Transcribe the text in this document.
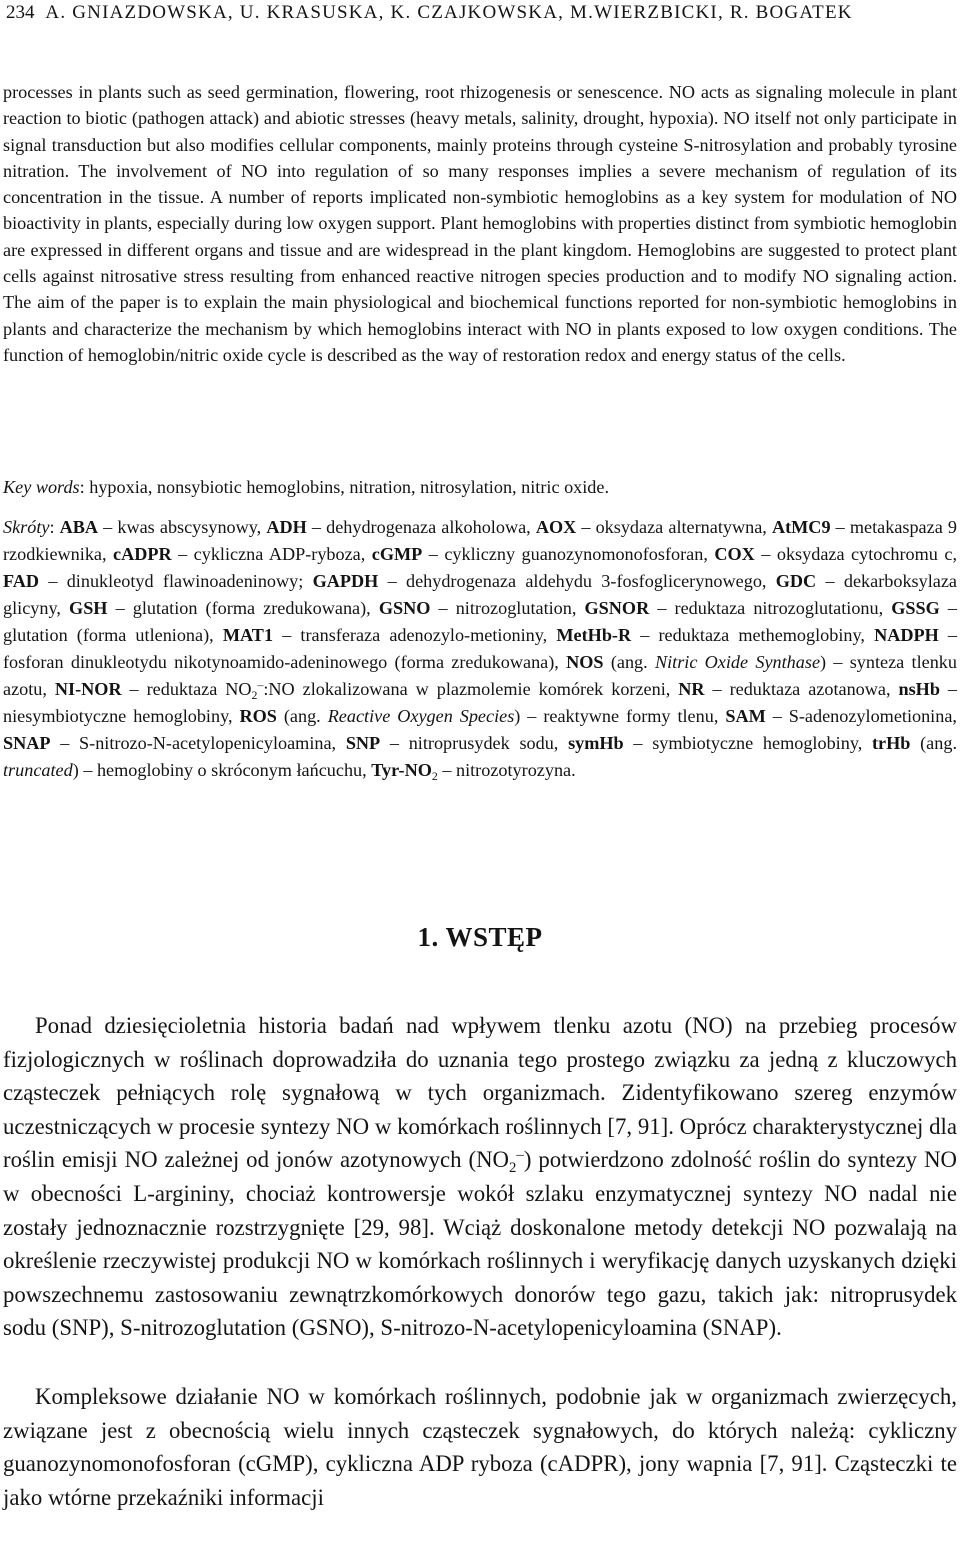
234 A. GNIAZDOWSKA, U. KRASUSKA, K. CZAJKOWSKA, M.WIERZBICKI, R. BOGATEK

processes in plants such as seed germination, flowering, root rhizogenesis or senescence. NO acts as signaling molecule in plant reaction to biotic (pathogen attack) and abiotic stresses (heavy metals, salinity, drought, hypoxia). NO itself not only participate in signal transduction but also modifies cellular components, mainly proteins through cysteine S-nitrosylation and probably tyrosine nitration. The involvement of NO into regulation of so many responses implies a severe mechanism of regulation of its concentration in the tissue. A number of reports implicated non-symbiotic hemoglobins as a key system for modulation of NO bioactivity in plants, especially during low oxygen support. Plant hemoglobins with properties distinct from symbiotic hemoglobin are expressed in different organs and tissue and are widespread in the plant kingdom. Hemoglobins are suggested to protect plant cells against nitrosative stress resulting from enhanced reactive nitrogen species production and to modify NO signaling action. The aim of the paper is to explain the main physiological and biochemical functions reported for non-symbiotic hemoglobins in plants and characterize the mechanism by which hemoglobins interact with NO in plants exposed to low oxygen conditions. The function of hemoglobin/nitric oxide cycle is described as the way of restoration redox and energy status of the cells.

Key words: hypoxia, nonsybiotic hemoglobins, nitration, nitrosylation, nitric oxide.

Skróty: ABA – kwas abscysynowy, ADH – dehydrogenaza alkoholowa, AOX – oksydaza alternatywna, AtMC9 – metakaspaza 9 rzodkiewnika, cADPR – cykliczna ADP-ryboza, cGMP – cykliczny guanozynomonofosforan, COX – oksydaza cytochromu c, FAD – dinukleotyd flawinoadeninowy; GAPDH – dehydrogenaza aldehydu 3-fosfoglicerynowego, GDC – dekarboksylaza glicyny, GSH – glutation (forma zredukowana), GSNO – nitrozoglutation, GSNOR – reduktaza nitrozoglutationu, GSSG – glutation (forma utleniona), MAT1 – transferaza adenozylo-metioniny, MetHb-R – reduktaza methemoglobiny, NADPH – fosforan dinukleotydu nikotynoamido-adeninowego (forma zredukowana), NOS (ang. Nitric Oxide Synthase) – synteza tlenku azotu, NI-NOR – reduktaza $NO_2^-:NO$ zlokalizowana w plazmolemie komórek korzeni, NR – reduktaza azotanowa, nsHb – niesymbiotyczne hemoglobiny, ROS (ang. Reactive Oxygen Species) – reaktywne formy tlenu, SAM – S-adenozylometionina, SNAP – S-nitrozo-N-acetylopenicyloamina, SNP – nitroprusydek sodu, symHb – symbiotyczne hemoglobiny, trHb (ang. truncated) – hemoglobiny o skróconym łańcuchu, Tyr-$NO_2$ – nitrozotyrozyna.

1. WSTĘP

Ponad dziesięcioletnia historia badań nad wpływem tlenku azotu (NO) na przebieg procesów fizjologicznych w roślinach doprowadziła do uznania tego prostego związku za jedną z kluczowych cząsteczek pełniących rolę sygnałową w tych organizmach. Zidentyfikowano szereg enzymów uczestniczących w procesie syntezy NO w komórkach roślinnych [7, 91]. Oprócz charakterystycznej dla roślin emisji NO zależnej od jonów azotynowych $(NO_2^-)$ potwierdzono zdolność roślin do syntezy NO w obecności L-argininy, chociaż kontrowersje wokół szlaku enzymatycznej syntezy NO nadal nie zostały jednoznacznie rozstrzygnięte [29, 98]. Wciąż doskonalone metody detekcji NO pozwalają na określenie rzeczywistej produkcji NO w komórkach roślinnych i weryfikację danych uzyskanych dzięki powszechnemu zastosowaniu zewnątrzkomórkowych donorów tego gazu, takich jak: nitroprusydek sodu (SNP), S-nitrozoglutation (GSNO), S-nitrozo-N-acetylopenicyloamina (SNAP).

Kompleksowe działanie NO w komórkach roślinnych, podobnie jak w organizmach zwierzęcych, związane jest z obecnością wielu innych cząsteczek sygnałowych, do których należą: cykliczny guanozynomonofosforan (cGMP), cykliczna ADP ryboza (cADPR), jony wapnia [7, 91]. Cząsteczki te jako wtórne przekaźniki informacji
